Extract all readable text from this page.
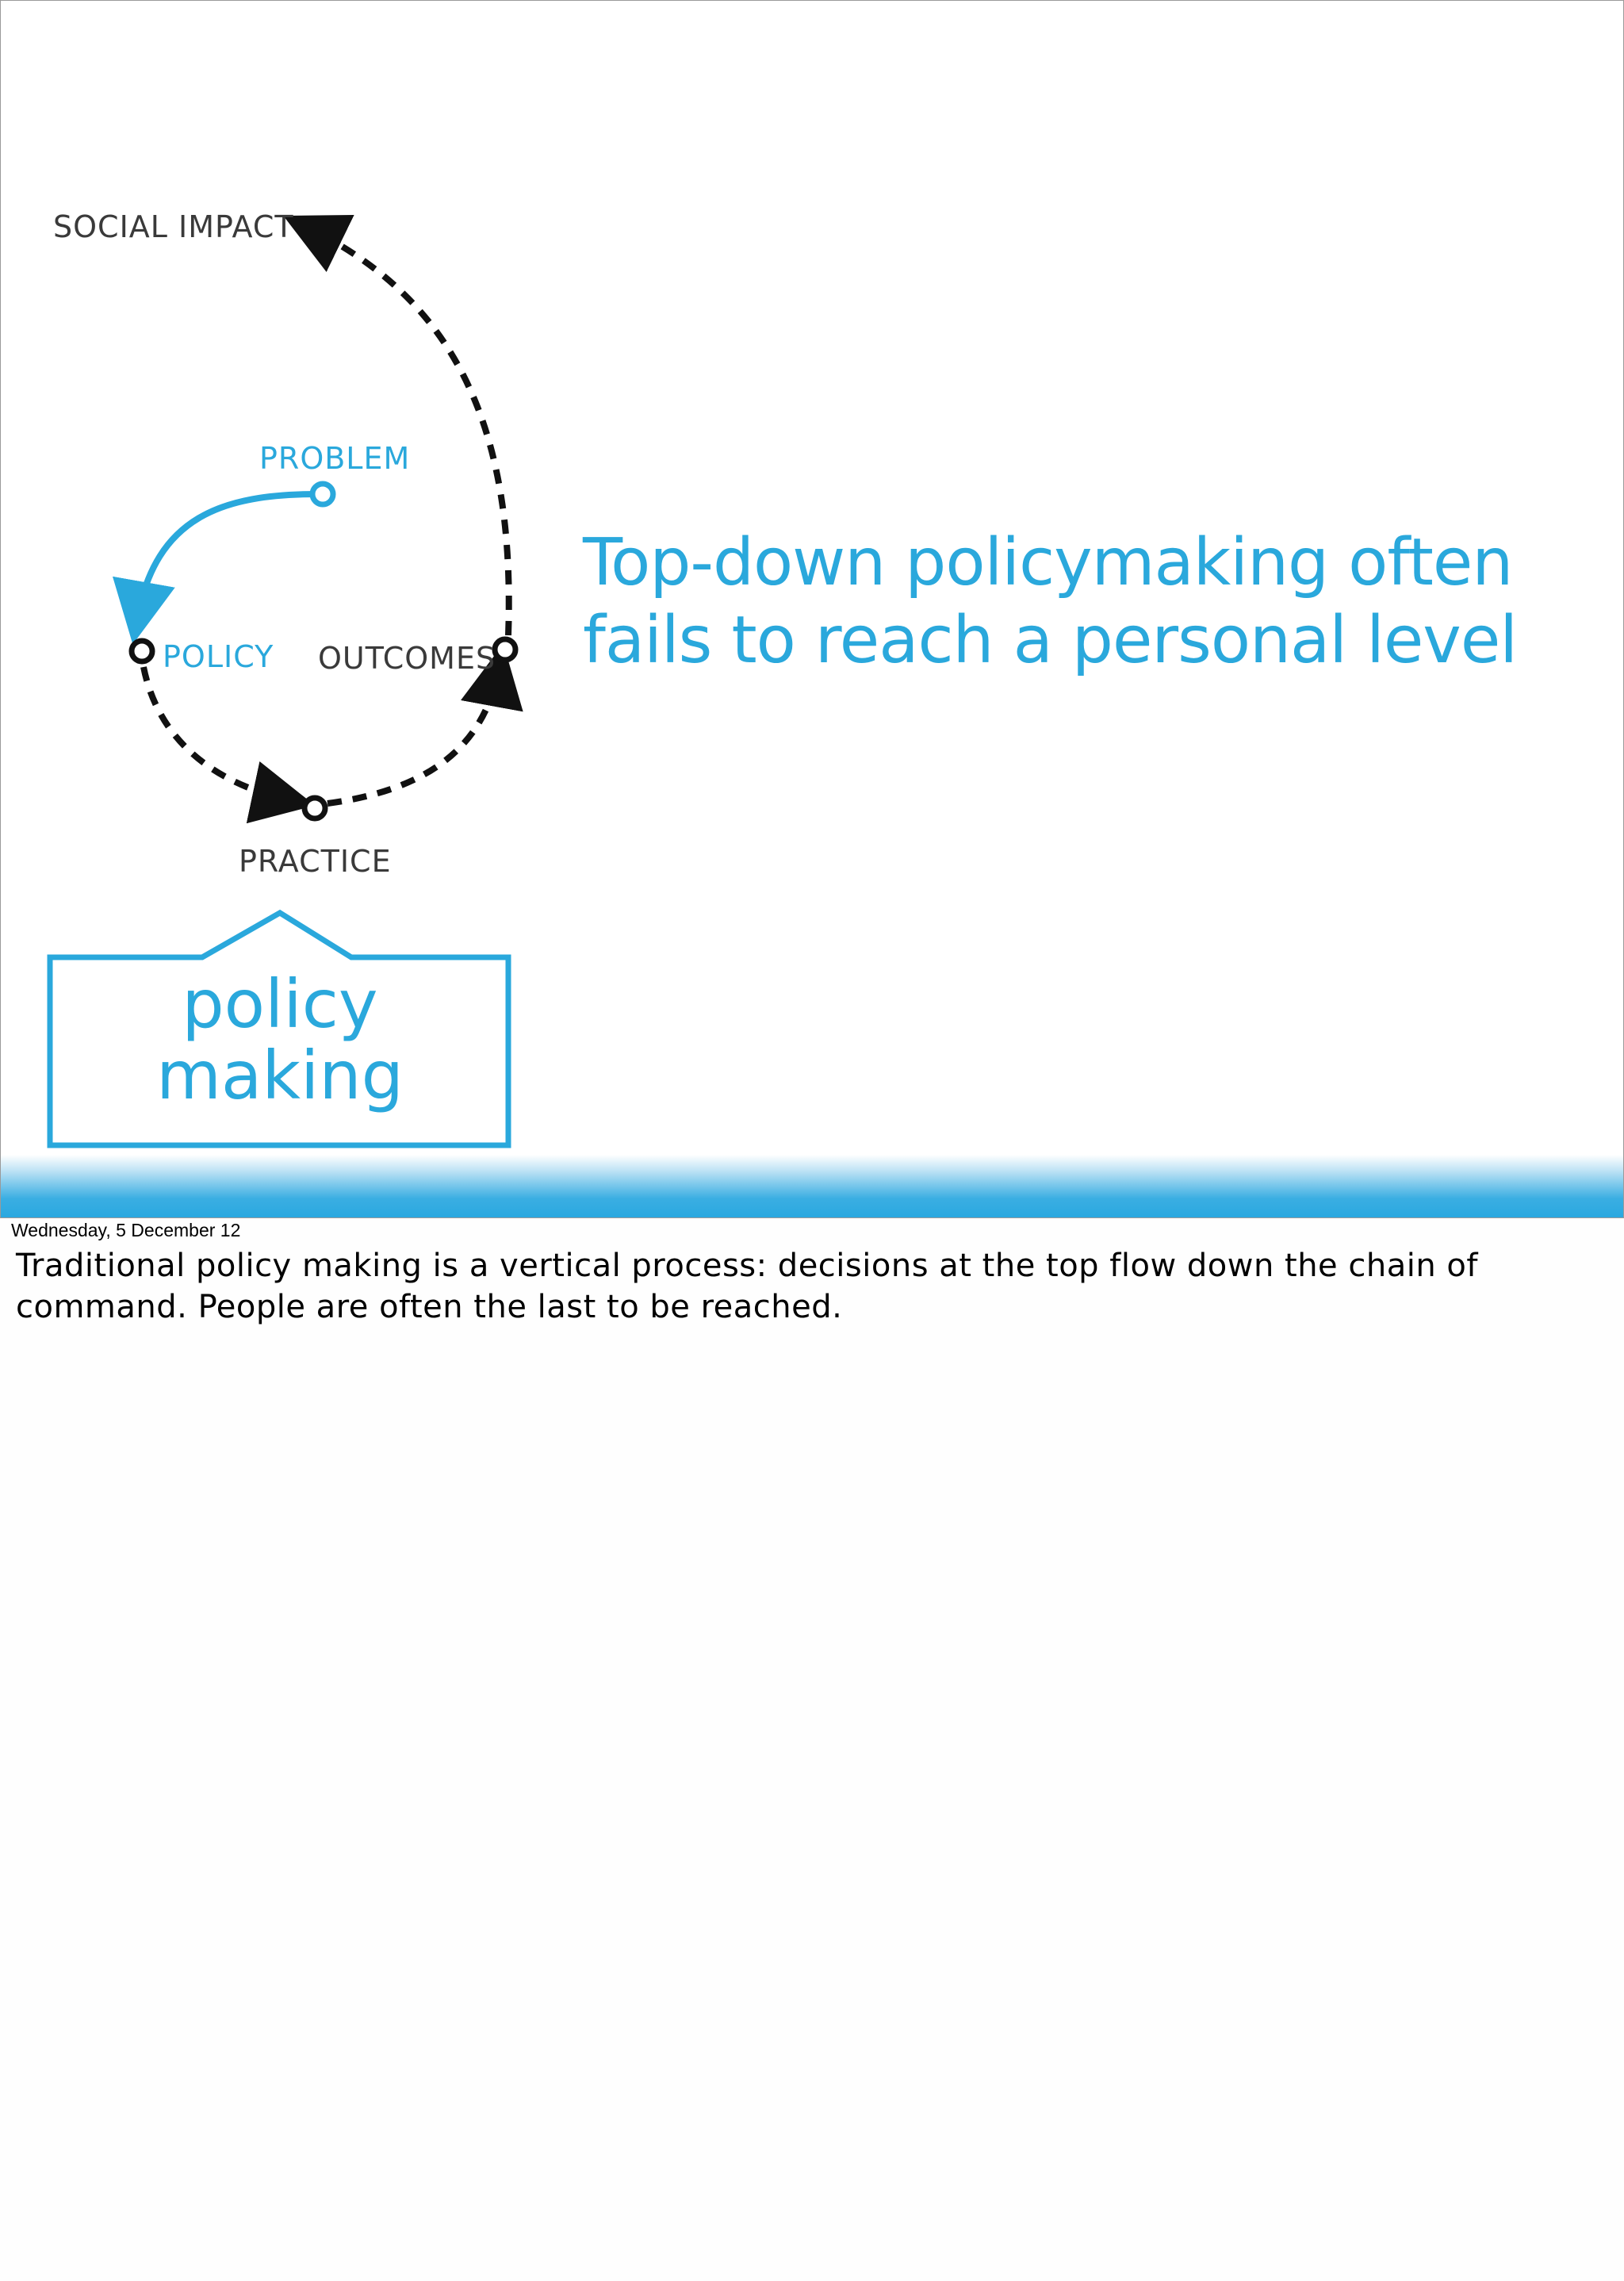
SOCIAL IMPACT
PROBLEM
POLICY OUTCOMES
PRACTICE
Top-down policymaking often
fails to reach a personal level

policy
making

Wednesday, 5 December 12

Traditional policy making is a vertical process: decisions at the top flow down the chain of command. People are often the last to be reached.
